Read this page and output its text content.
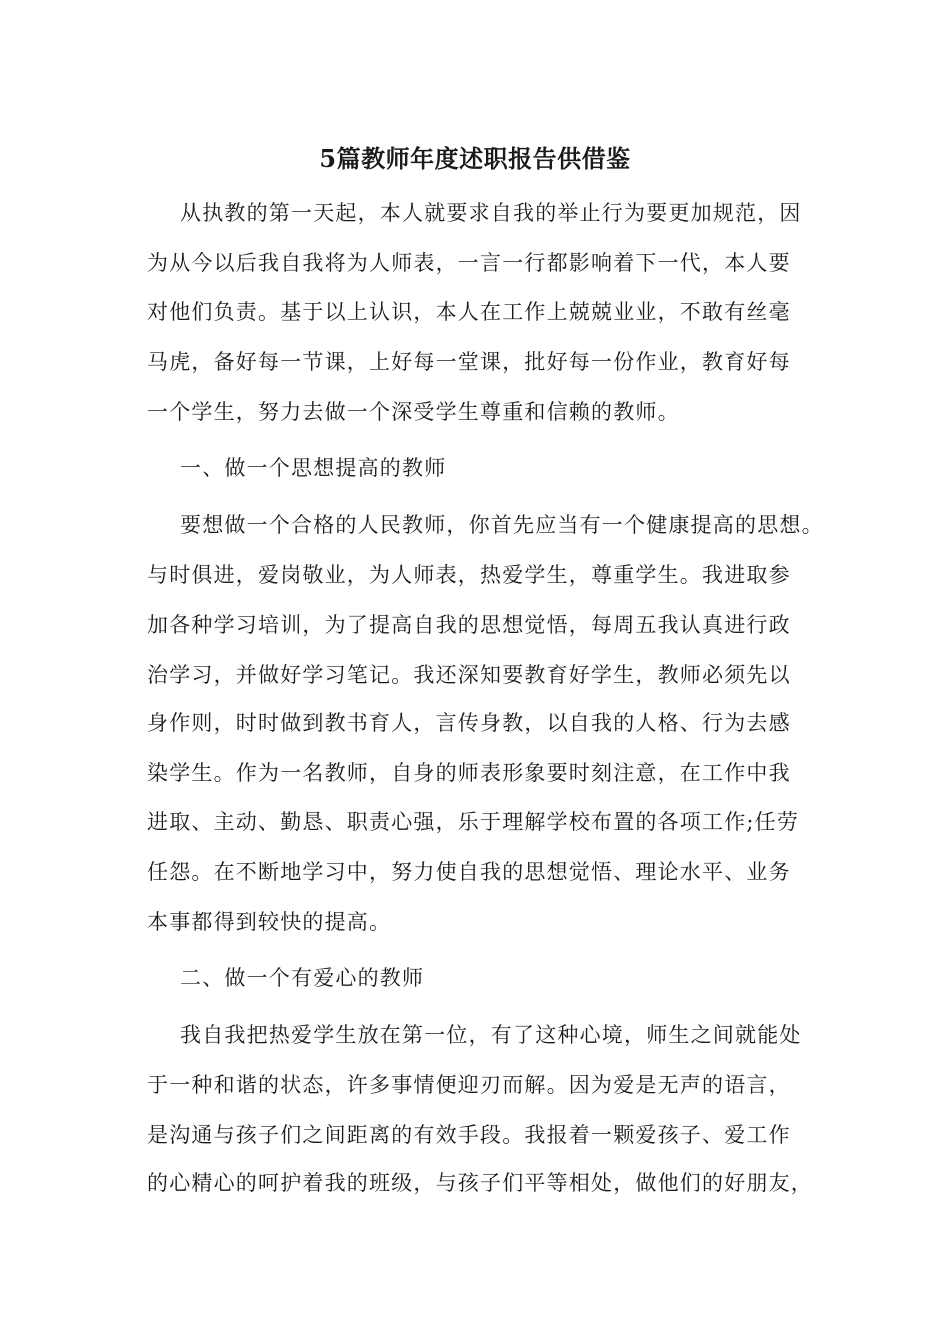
5篇教师年度述职报告供借鉴
从执教的第一天起，本人就要求自我的举止行为要更加规范，因
为从今以后我自我将为人师表，一言一行都影响着下一代，本人要
对他们负责。基于以上认识，本人在工作上兢兢业业，不敢有丝毫
马虎，备好每一节课，上好每一堂课，批好每一份作业，教育好每
一个学生，努力去做一个深受学生尊重和信赖的教师。
一、做一个思想提高的教师
要想做一个合格的人民教师，你首先应当有一个健康提高的思想。
与时俱进，爱岗敬业，为人师表，热爱学生，尊重学生。我进取参
加各种学习培训，为了提高自我的思想觉悟，每周五我认真进行政
治学习，并做好学习笔记。我还深知要教育好学生，教师必须先以
身作则，时时做到教书育人，言传身教，以自我的人格、行为去感
染学生。作为一名教师，自身的师表形象要时刻注意，在工作中我
进取、主动、勤恳、职责心强，乐于理解学校布置的各项工作;任劳
任怨。在不断地学习中，努力使自我的思想觉悟、理论水平、业务
本事都得到较快的提高。
二、做一个有爱心的教师
我自我把热爱学生放在第一位，有了这种心境，师生之间就能处
于一种和谐的状态，许多事情便迎刃而解。因为爱是无声的语言，
是沟通与孩子们之间距离的有效手段。我报着一颗爱孩子、爱工作
的心精心的呵护着我的班级，与孩子们平等相处，做他们的好朋友，
